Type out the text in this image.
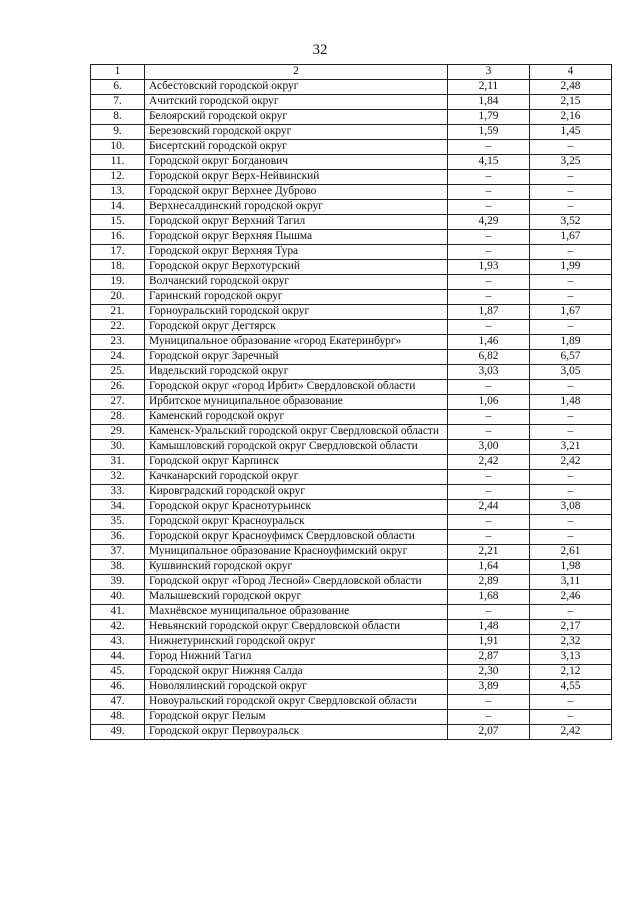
32
1	2	3	4
6.	Асбестовский городской округ	2,11	2,48
7.	Ачитский городской округ	1,84	2,15
8.	Белоярский городской округ	1,79	2,16
9.	Березовский городской округ	1,59	1,45
10.	Бисертский городской округ	–	–
11.	Городской округ Богданович	4,15	3,25
12.	Городской округ Верх-Нейвинский	–	–
13.	Городской округ Верхнее Дуброво	–	–
14.	Верхнесалдинский городской округ	–	–
15.	Городской округ Верхний Тагил	4,29	3,52
16.	Городской округ Верхняя Пышма	–	1,67
17.	Городской округ Верхняя Тура	–	–
18.	Городской округ Верхотурский	1,93	1,99
19.	Волчанский городской округ	–	–
20.	Гаринский городской округ	–	–
21.	Горноуральский городской округ	1,87	1,67
22.	Городской округ Дегтярск	–	–
23.	Муниципальное образование «город Екатеринбург»	1,46	1,89
24.	Городской округ Заречный	6,82	6,57
25.	Ивдельский городской округ	3,03	3,05
26.	Городской округ «город Ирбит» Свердловской области	–	–
27.	Ирбитское муниципальное образование	1,06	1,48
28.	Каменский городской округ	–	–
29.	Каменск-Уральский городской округ Свердловской области	–	–
30.	Камышловский городской округ Свердловской области	3,00	3,21
31.	Городской округ Карпинск	2,42	2,42
32.	Качканарский городской округ	–	–
33.	Кировградский городской округ	–	–
34.	Городской округ Краснотурьинск	2,44	3,08
35.	Городской округ Красноуральск	–	–
36.	Городской округ Красноуфимск Свердловской области	–	–
37.	Муниципальное образование Красноуфимский округ	2,21	2,61
38.	Кушвинский городской округ	1,64	1,98
39.	Городской округ «Город Лесной» Свердловской области	2,89	3,11
40.	Малышевский городской округ	1,68	2,46
41.	Махнёвское муниципальное образование	–	–
42.	Невьянский городской округ Свердловской области	1,48	2,17
43.	Нижнетуринский городской округ	1,91	2,32
44.	Город Нижний Тагил	2,87	3,13
45.	Городской округ Нижняя Салда	2,30	2,12
46.	Новолялинский городской округ	3,89	4,55
47.	Новоуральский городской округ Свердловской области	–	–
48.	Городской округ Пелым	–	–
49.	Городской округ Первоуральск	2,07	2,42
